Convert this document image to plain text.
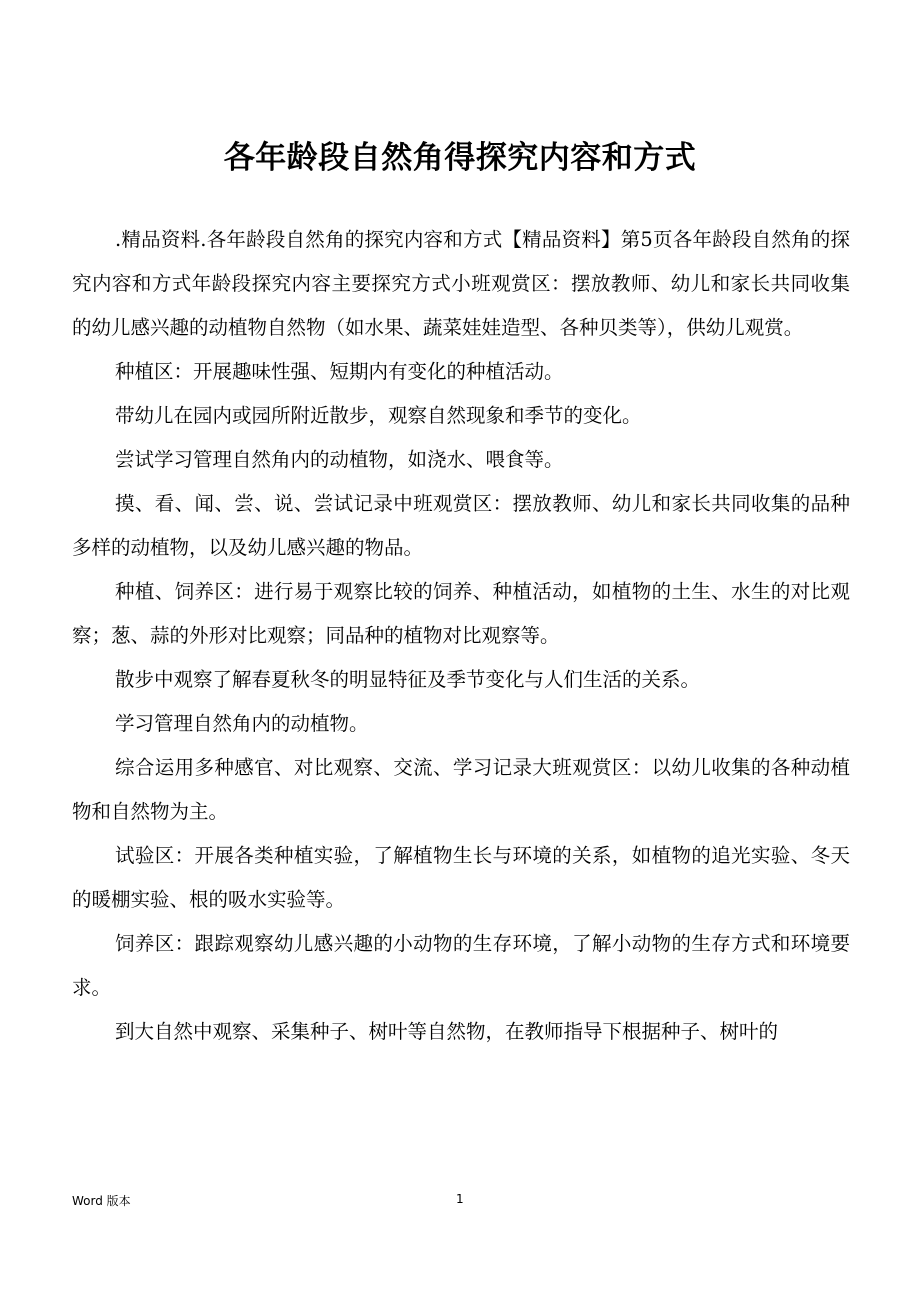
各年龄段自然角得探究内容和方式

.精品资料.各年龄段自然角的探究内容和方式【精品资料】第5页各年龄段自然角的探究内容和方式年龄段探究内容主要探究方式小班观赏区：摆放教师、幼儿和家长共同收集的幼儿感兴趣的动植物自然物（如水果、蔬菜娃娃造型、各种贝类等），供幼儿观赏。

种植区：开展趣味性强、短期内有变化的种植活动。

带幼儿在园内或园所附近散步，观察自然现象和季节的变化。

尝试学习管理自然角内的动植物，如浇水、喂食等。

摸、看、闻、尝、说、尝试记录中班观赏区：摆放教师、幼儿和家长共同收集的品种多样的动植物，以及幼儿感兴趣的物品。

种植、饲养区：进行易于观察比较的饲养、种植活动，如植物的土生、水生的对比观察；葱、蒜的外形对比观察；同品种的植物对比观察等。

散步中观察了解春夏秋冬的明显特征及季节变化与人们生活的关系。

学习管理自然角内的动植物。

综合运用多种感官、对比观察、交流、学习记录大班观赏区：以幼儿收集的各种动植物和自然物为主。

试验区：开展各类种植实验，了解植物生长与环境的关系，如植物的追光实验、冬天的暖棚实验、根的吸水实验等。

饲养区：跟踪观察幼儿感兴趣的小动物的生存环境，了解小动物的生存方式和环境要求。

到大自然中观察、采集种子、树叶等自然物，在教师指导下根据种子、树叶的

Word 版本	1
